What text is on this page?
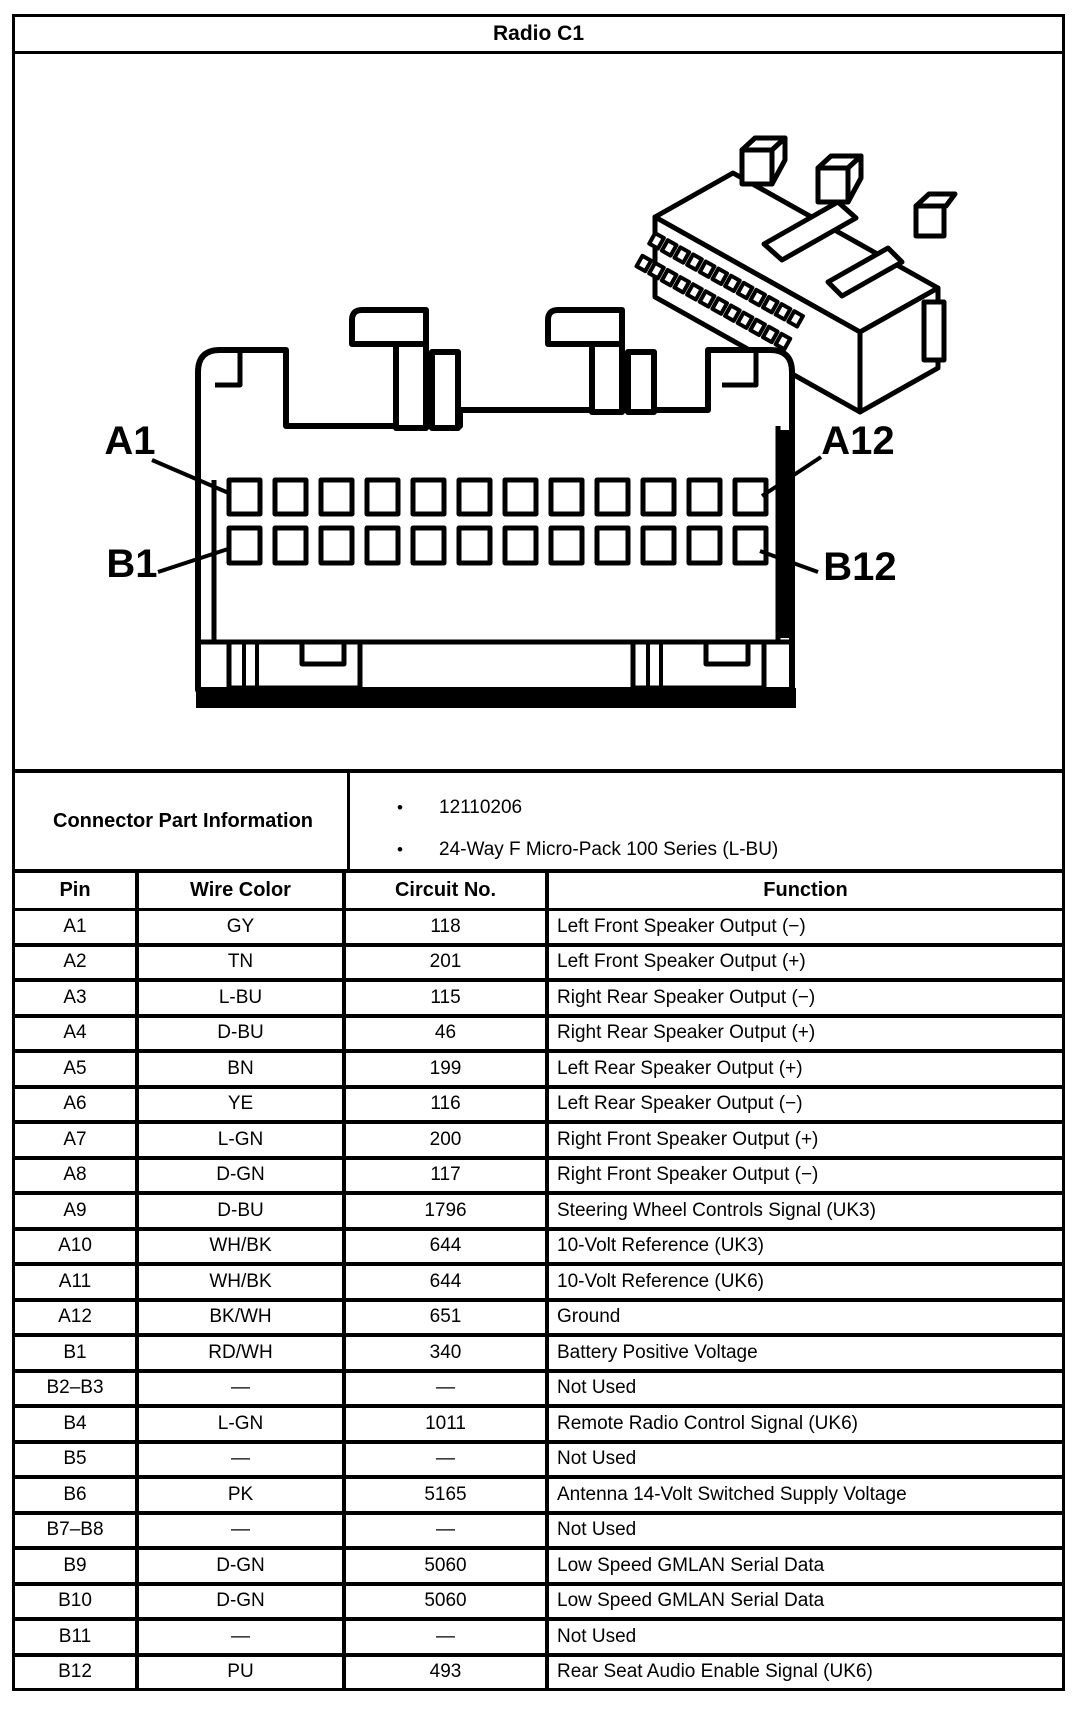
Radio C1
A1	A12
B1	B12
Connector Part Information
•	12110206
•	24-Way F Micro-Pack 100 Series (L-BU)
Pin	Wire Color	Circuit No.	Function
A1	GY	118	Left Front Speaker Output (−)
A2	TN	201	Left Front Speaker Output (+)
A3	L-BU	115	Right Rear Speaker Output (−)
A4	D-BU	46	Right Rear Speaker Output (+)
A5	BN	199	Left Rear Speaker Output (+)
A6	YE	116	Left Rear Speaker Output (−)
A7	L-GN	200	Right Front Speaker Output (+)
A8	D-GN	117	Right Front Speaker Output (−)
A9	D-BU	1796	Steering Wheel Controls Signal (UK3)
A10	WH/BK	644	10-Volt Reference (UK3)
A11	WH/BK	644	10-Volt Reference (UK6)
A12	BK/WH	651	Ground
B1	RD/WH	340	Battery Positive Voltage
B2–B3	—	—	Not Used
B4	L-GN	1011	Remote Radio Control Signal (UK6)
B5	—	—	Not Used
B6	PK	5165	Antenna 14-Volt Switched Supply Voltage
B7–B8	—	—	Not Used
B9	D-GN	5060	Low Speed GMLAN Serial Data
B10	D-GN	5060	Low Speed GMLAN Serial Data
B11	—	—	Not Used
B12	PU	493	Rear Seat Audio Enable Signal (UK6)
